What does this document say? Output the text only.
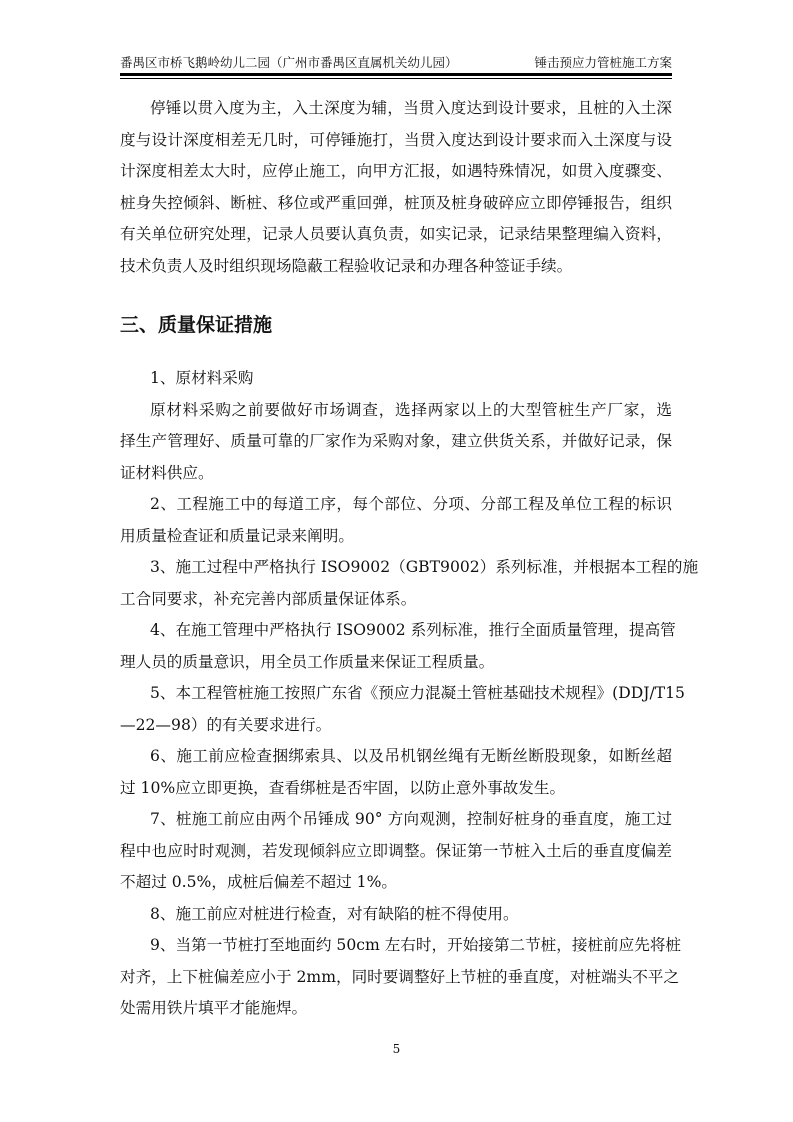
番禺区市桥飞鹅岭幼儿二园（广州市番禺区直属机关幼儿园）	锤击预应力管桩施工方案
停锤以贯入度为主，入土深度为辅，当贯入度达到设计要求，且桩的入土深
度与设计深度相差无几时，可停锤施打，当贯入度达到设计要求而入土深度与设
计深度相差太大时，应停止施工，向甲方汇报，如遇特殊情况，如贯入度骤变、
桩身失控倾斜、断桩、移位或严重回弹，桩顶及桩身破碎应立即停锤报告，组织
有关单位研究处理，记录人员要认真负责，如实记录，记录结果整理编入资料，
技术负责人及时组织现场隐蔽工程验收记录和办理各种签证手续。
三、质量保证措施
1、原材料采购
原材料采购之前要做好市场调查，选择两家以上的大型管桩生产厂家，选
择生产管理好、质量可靠的厂家作为采购对象，建立供货关系，并做好记录，保
证材料供应。
2、工程施工中的每道工序，每个部位、分项、分部工程及单位工程的标识
用质量检查证和质量记录来阐明。
3、施工过程中严格执行 ISO9002（GBT9002）系列标准，并根据本工程的施
工合同要求，补充完善内部质量保证体系。
4、在施工管理中严格执行 ISO9002 系列标准，推行全面质量管理，提高管
理人员的质量意识，用全员工作质量来保证工程质量。
5、本工程管桩施工按照广东省《预应力混凝土管桩基础技术规程》(DDJ/T15
—22—98）的有关要求进行。
6、施工前应检查捆绑索具、以及吊机钢丝绳有无断丝断股现象，如断丝超
过 10%应立即更换，查看绑桩是否牢固，以防止意外事故发生。
7、桩施工前应由两个吊锤成 90° 方向观测，控制好桩身的垂直度，施工过
程中也应时时观测，若发现倾斜应立即调整。保证第一节桩入土后的垂直度偏差
不超过 0.5%，成桩后偏差不超过 1%。
8、施工前应对桩进行检查，对有缺陷的桩不得使用。
9、当第一节桩打至地面约 50cm 左右时，开始接第二节桩，接桩前应先将桩
对齐，上下桩偏差应小于 2mm，同时要调整好上节桩的垂直度，对桩端头不平之
处需用铁片填平才能施焊。
5
